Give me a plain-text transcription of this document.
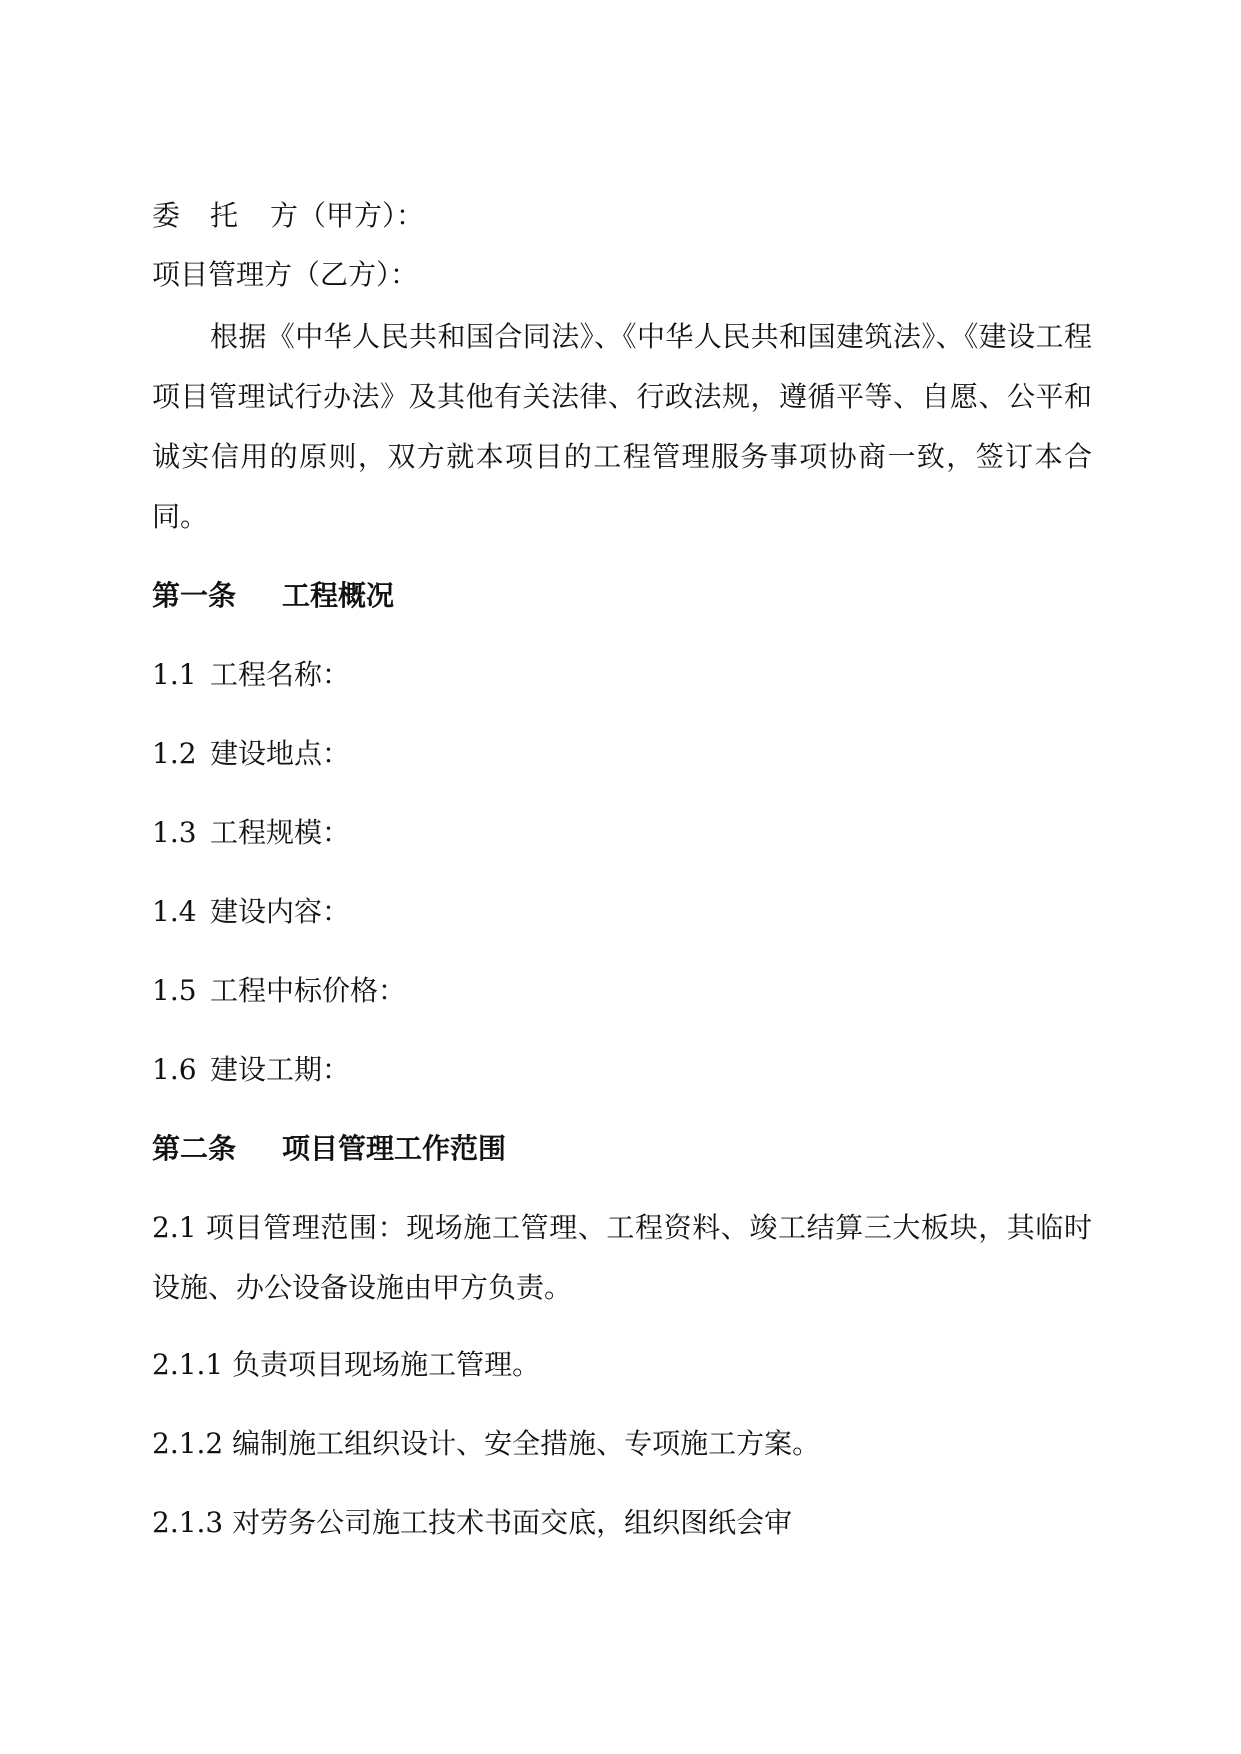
委 托 方（甲方）：
项目管理方（乙方）：
根据《中华人民共和国合同法》、《中华人民共和国建筑法》、《建设工程项目管理试行办法》及其他有关法律、行政法规，遵循平等、自愿、公平和诚实信用的原则，双方就本项目的工程管理服务事项协商一致，签订本合同。
第一条 工程概况
1.1 工程名称：
1.2 建设地点：
1.3 工程规模：
1.4 建设内容：
1.5 工程中标价格：
1.6 建设工期：
第二条 项目管理工作范围
2.1 项目管理范围：现场施工管理、工程资料、竣工结算三大板块，其临时设施、办公设备设施由甲方负责。
2.1.1 负责项目现场施工管理。
2.1.2 编制施工组织设计、安全措施、专项施工方案。
2.1.3 对劳务公司施工技术书面交底，组织图纸会审
